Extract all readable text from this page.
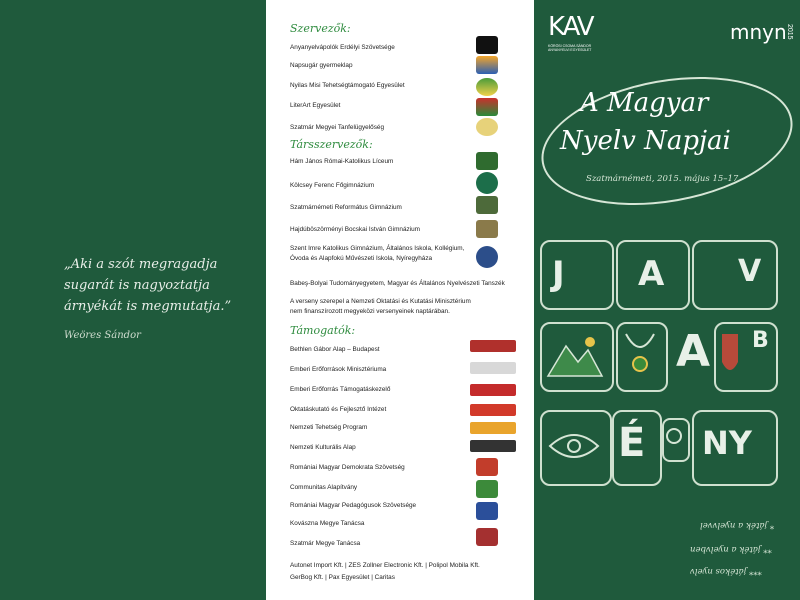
„Aki a szót megragadja sugarát is nagyoztatja árnyékát is megmutatja.”
Weöres Sándor
Szervezők:
Anyanyelvápolók Erdélyi Szövetsége
Napsugár gyermeklap
Nyilas Misi Tehetségtámogató Egyesület
LiterArt Egyesület
Szatmár Megyei Tanfelügyelőség
Társszervezők:
Hám János Római-Katolikus Líceum
Kölcsey Ferenc Főgimnázium
Szatmárnémeti Református Gimnázium
Hajdúböszörményi Bocskai István Gimnázium
Szent Imre Katolikus Gimnázium, Általános Iskola, Kollégium, Óvoda és Alapfokú Művészeti Iskola, Nyíregyháza
Babeş-Bolyai Tudományegyetem, Magyar és Általános Nyelvészeti Tanszék
A verseny szerepel a Nemzeti Oktatási és Kutatási Minisztérium nem finanszírozott megyeközi versenyeinek naptárában.
Támogatók:
Bethlen Gábor Alap – Budapest
Emberi Erőforrások Minisztériuma
Emberi Erőforrás Támogatáskezelő
Oktatáskutató és Fejlesztő Intézet
Nemzeti Tehetség Program
Nemzeti Kulturális Alap
Romániai Magyar Demokrata Szövetség
Communitas Alapítvány
Romániai Magyar Pedagógusok Szövetsége
Kovászna Megye Tanácsa
Szatmár Megye Tanácsa
Autonet Import Kft. | ZES Zollner Electronic Kft. | Polipol Mobila Kft.
GerBog Kft. | Pax Egyesület | Caritas
KAV
KÖRÖSI CSOMA SÁNDOR ANYANYELVI EGYESÜLET
mnyn 2015
A Magyar
Nyelv Napjai
Szatmárnémeti, 2015. május 15–17.
J A V
A B
É NY
* játék a nyelvvel
** játék a nyelvben
*** játékos nyelv
